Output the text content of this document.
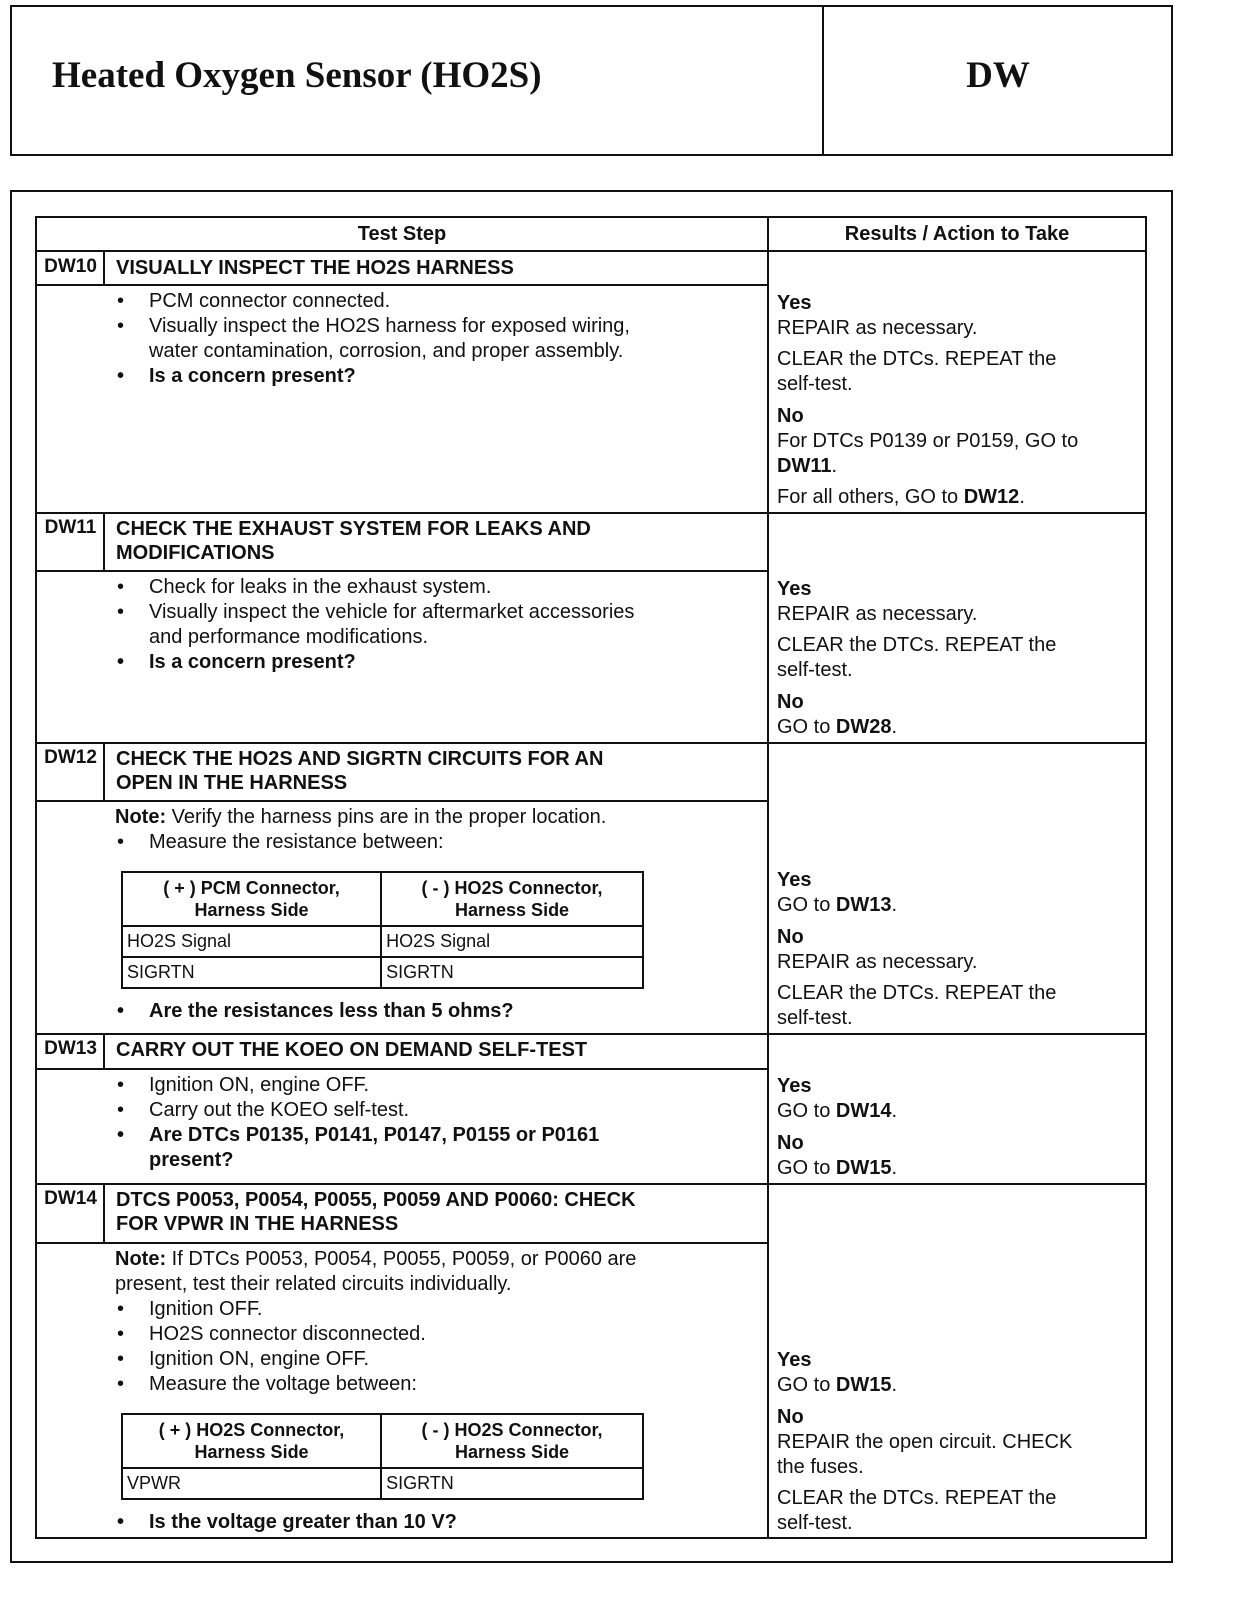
Heated Oxygen Sensor (HO2S)	DW
Test Step	Results / Action to Take
DW10 VISUALLY INSPECT THE HO2S HARNESS
• PCM connector connected.
• Visually inspect the HO2S harness for exposed wiring,
water contamination, corrosion, and proper assembly.
• Is a concern present?
Yes
REPAIR as necessary.
CLEAR the DTCs. REPEAT the
self-test.
No
For DTCs P0139 or P0159, GO to
DW11.
For all others, GO to DW12.
DW11 CHECK THE EXHAUST SYSTEM FOR LEAKS AND
MODIFICATIONS
• Check for leaks in the exhaust system.
• Visually inspect the vehicle for aftermarket accessories
and performance modifications.
• Is a concern present?
Yes
REPAIR as necessary.
CLEAR the DTCs. REPEAT the
self-test.
No
GO to DW28.
DW12 CHECK THE HO2S AND SIGRTN CIRCUITS FOR AN
OPEN IN THE HARNESS
Note: Verify the harness pins are in the proper location.
• Measure the resistance between:
( + ) PCM Connector,
Harness Side	( - ) HO2S Connector,
Harness Side
HO2S Signal	HO2S Signal
SIGRTN	SIGRTN
• Are the resistances less than 5 ohms?
Yes
GO to DW13.
No
REPAIR as necessary.
CLEAR the DTCs. REPEAT the
self-test.
DW13 CARRY OUT THE KOEO ON DEMAND SELF-TEST
• Ignition ON, engine OFF.
• Carry out the KOEO self-test.
• Are DTCs P0135, P0141, P0147, P0155 or P0161
present?
Yes
GO to DW14.
No
GO to DW15.
DW14 DTCS P0053, P0054, P0055, P0059 AND P0060: CHECK
FOR VPWR IN THE HARNESS
Note: If DTCs P0053, P0054, P0055, P0059, or P0060 are
present, test their related circuits individually.
• Ignition OFF.
• HO2S connector disconnected.
• Ignition ON, engine OFF.
• Measure the voltage between:
( + ) HO2S Connector,
Harness Side	( - ) HO2S Connector,
Harness Side
VPWR	SIGRTN
• Is the voltage greater than 10 V?
Yes
GO to DW15.
No
REPAIR the open circuit. CHECK
the fuses.
CLEAR the DTCs. REPEAT the
self-test.
